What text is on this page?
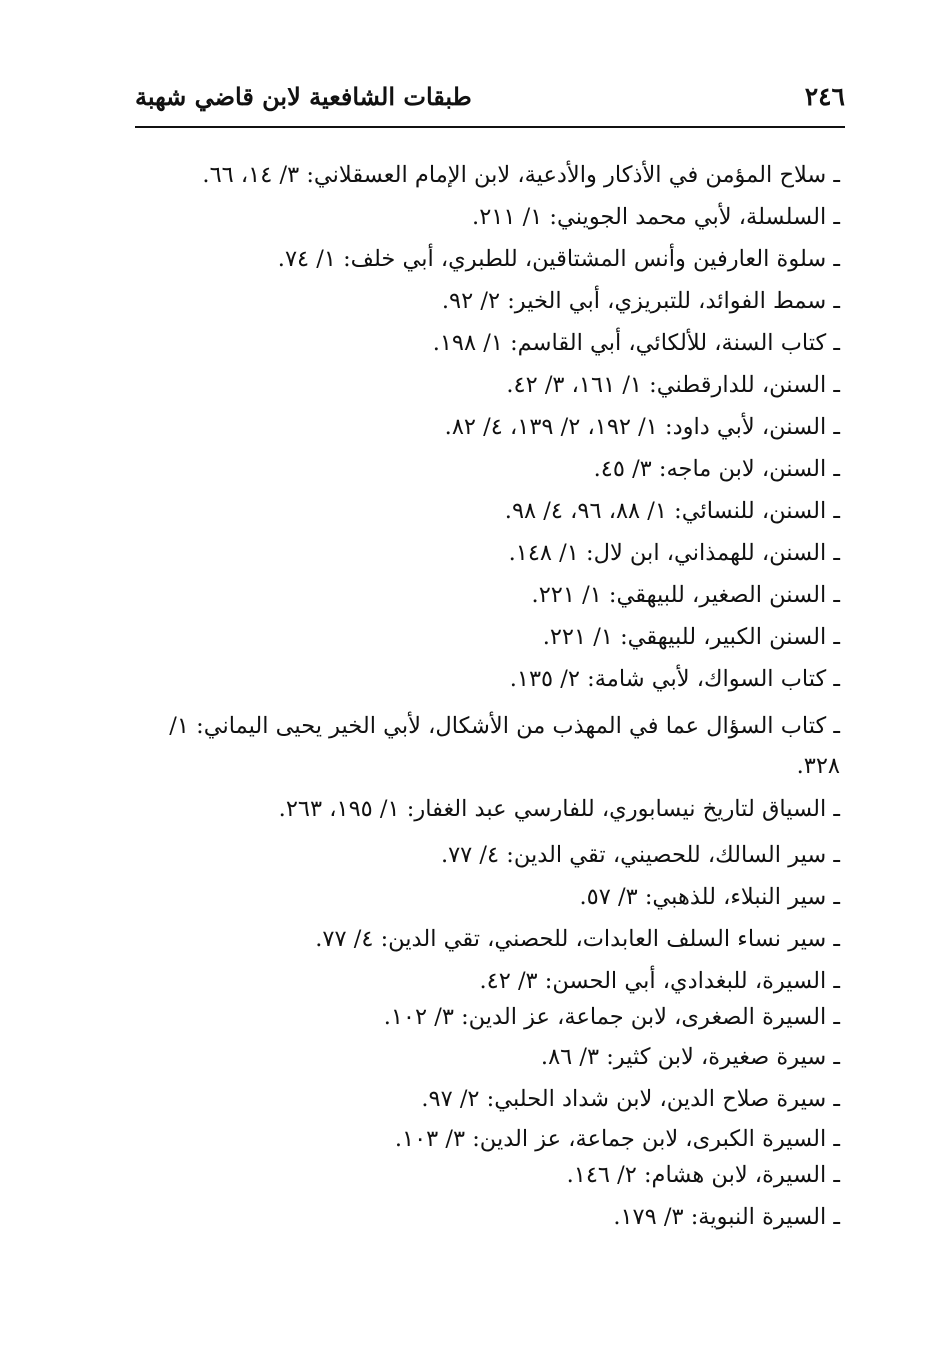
٢٤٦
طبقات الشافعية لابن قاضي شهبة
ـ سلاح المؤمن في الأذكار والأدعية، لابن الإمام العسقلاني: ٣/ ١٤، ٦٦.
ـ السلسلة، لأبي محمد الجويني: ١/ ٢١١.
ـ سلوة العارفين وأنس المشتاقين، للطبري، أبي خلف: ١/ ٧٤.
ـ سمط الفوائد، للتبريزي، أبي الخير: ٢/ ٩٢.
ـ كتاب السنة، للألكائي، أبي القاسم: ١/ ١٩٨.
ـ السنن، للدارقطني: ١/ ١٦١، ٣/ ٤٢.
ـ السنن، لأبي داود: ١/ ١٩٢، ٢/ ١٣٩، ٤/ ٨٢.
ـ السنن، لابن ماجه: ٣/ ٤٥.
ـ السنن، للنسائي: ١/ ٨٨، ٩٦، ٤/ ٩٨.
ـ السنن، للهمذاني، ابن لال: ١/ ١٤٨.
ـ السنن الصغير، للبيهقي: ١/ ٢٢١.
ـ السنن الكبير، للبيهقي: ١/ ٢٢١.
ـ كتاب السواك، لأبي شامة: ٢/ ١٣٥.
ـ كتاب السؤال عما في المهذب من الأشكال، لأبي الخير يحيى اليماني: ١/ ٣٢٨.
ـ السياق لتاريخ نيسابوري، للفارسي عبد الغفار: ١/ ١٩٥، ٢٦٣.
ـ سير السالك، للحصيني، تقي الدين: ٤/ ٧٧.
ـ سير النبلاء، للذهبي: ٣/ ٥٧.
ـ سير نساء السلف العابدات، للحصني، تقي الدين: ٤/ ٧٧.
ـ السيرة، للبغدادي، أبي الحسن: ٣/ ٤٢.
ـ السيرة الصغرى، لابن جماعة، عز الدين: ٣/ ١٠٢.
ـ سيرة صغيرة، لابن كثير: ٣/ ٨٦.
ـ سيرة صلاح الدين، لابن شداد الحلبي: ٢/ ٩٧.
ـ السيرة الكبرى، لابن جماعة، عز الدين: ٣/ ١٠٣.
ـ السيرة، لابن هشام: ٢/ ١٤٦.
ـ السيرة النبوية: ٣/ ١٧٩.
